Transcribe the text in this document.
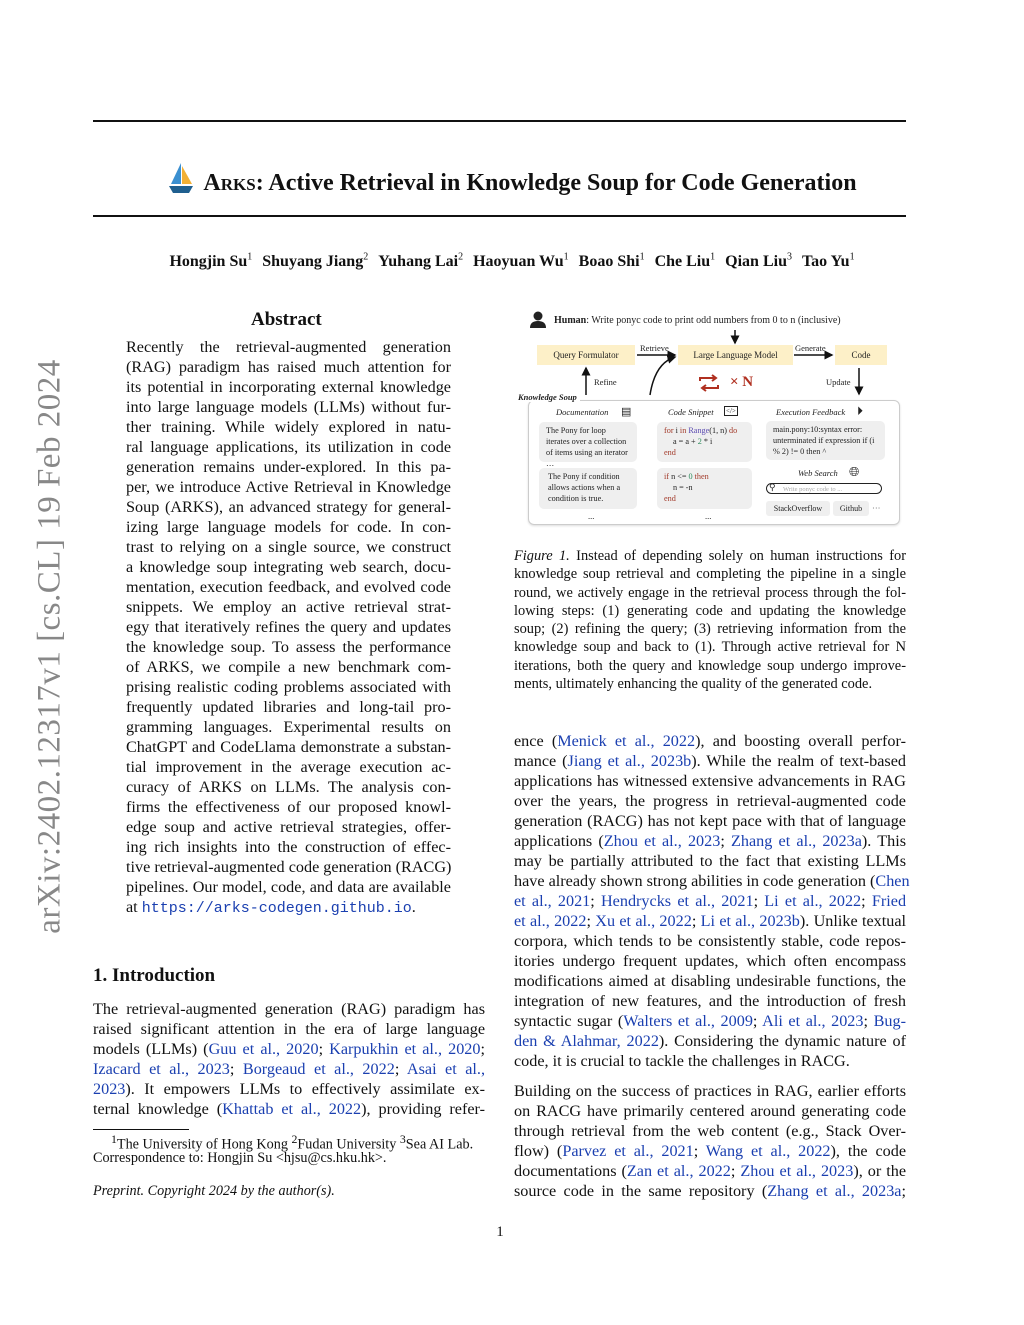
arXiv:2402.12317v1 [cs.CL] 19 Feb 2024
Arks: Active Retrieval in Knowledge Soup for Code Generation
Hongjin Su$^1$ Shuyang Jiang$^2$ Yuhang Lai$^2$ Haoyuan Wu$^1$ Boao Shi$^1$ Che Liu$^1$ Qian Liu$^3$ Tao Yu$^1$
Abstract
Recently the retrieval-augmented generation
(RAG) paradigm has raised much attention for
its potential in incorporating external knowledge
into large language models (LLMs) without fur-
ther training. While widely explored in natu-
ral language applications, its utilization in code
generation remains under-explored. In this pa-
per, we introduce Active Retrieval in Knowledge
Soup (ARKS), an advanced strategy for general-
izing large language models for code. In con-
trast to relying on a single source, we construct
a knowledge soup integrating web search, docu-
mentation, execution feedback, and evolved code
snippets. We employ an active retrieval strat-
egy that iteratively refines the query and updates
the knowledge soup. To assess the performance
of ARKS, we compile a new benchmark com-
prising realistic coding problems associated with
frequently updated libraries and long-tail pro-
gramming languages. Experimental results on
ChatGPT and CodeLlama demonstrate a substan-
tial improvement in the average execution ac-
curacy of ARKS on LLMs. The analysis con-
firms the effectiveness of our proposed knowl-
edge soup and active retrieval strategies, offer-
ing rich insights into the construction of effec-
tive retrieval-augmented code generation (RACG)
pipelines. Our model, code, and data are available
at https://arks-codegen.github.io.
1. Introduction
The retrieval-augmented generation (RAG) paradigm has
raised significant attention in the era of large language
models (LLMs) (Guu et al., 2020; Karpukhin et al., 2020;
Izacard et al., 2023; Borgeaud et al., 2022; Asai et al.,
2023). It empowers LLMs to effectively assimilate ex-
ternal knowledge (Khattab et al., 2022), providing refer-
$^1$The University of Hong Kong $^2$Fudan University $^3$Sea AI Lab.
Correspondence to: Hongjin Su <hjsu@cs.hku.hk>.
Preprint. Copyright 2024 by the author(s).
Human: Write ponyc code to print odd numbers from 0 to n (inclusive)
Query Formulator	Large Language Model	Code
Retrieve	Generate
Refine	Update
× N
Knowledge Soup
Documentation ▤	Code Snippet </>	Execution Feedback ⏵
The Pony for loop iterates over a collection of items using an iterator …
The Pony if condition allows actions when a condition is true.
for i in Range(1, n) do
a = a + 2 * i
end
if n <= 0 then
n = -n
end
main.pony:10:syntax error: unterminated if expression if (i % 2) != 0 then ^
Web Search 🌐︎
Write ponyc code to ...
⚲
StackOverflow	Github	···
...	...
Figure 1. Instead of depending solely on human instructions for
knowledge soup retrieval and completing the pipeline in a single
round, we actively engage in the retrieval process through the fol-
lowing steps: (1) generating code and updating the knowledge
soup; (2) refining the query; (3) retrieving information from the
knowledge soup and back to (1). Through active retrieval for N
iterations, both the query and knowledge soup undergo improve-
ments, ultimately enhancing the quality of the generated code.
ence (Menick et al., 2022), and boosting overall perfor-
mance (Jiang et al., 2023b). While the realm of text-based
applications has witnessed extensive advancements in RAG
over the years, the progress in retrieval-augmented code
generation (RACG) has not kept pace with that of language
applications (Zhou et al., 2023; Zhang et al., 2023a). This
may be partially attributed to the fact that existing LLMs
have already shown strong abilities in code generation (Chen
et al., 2021; Hendrycks et al., 2021; Li et al., 2022; Fried
et al., 2022; Xu et al., 2022; Li et al., 2023b). Unlike textual
corpora, which tends to be consistently stable, code repos-
itories undergo frequent updates, which often encompass
modifications aimed at disabling undesirable functions, the
integration of new features, and the introduction of fresh
syntactic sugar (Walters et al., 2009; Ali et al., 2023; Bug-
den & Alahmar, 2022). Considering the dynamic nature of
code, it is crucial to tackle the challenges in RACG.
Building on the success of practices in RAG, earlier efforts
on RACG have primarily centered around generating code
through retrieval from the web content (e.g., Stack Over-
flow) (Parvez et al., 2021; Wang et al., 2022), the code
documentations (Zan et al., 2022; Zhou et al., 2023), or the
source code in the same repository (Zhang et al., 2023a;
1
